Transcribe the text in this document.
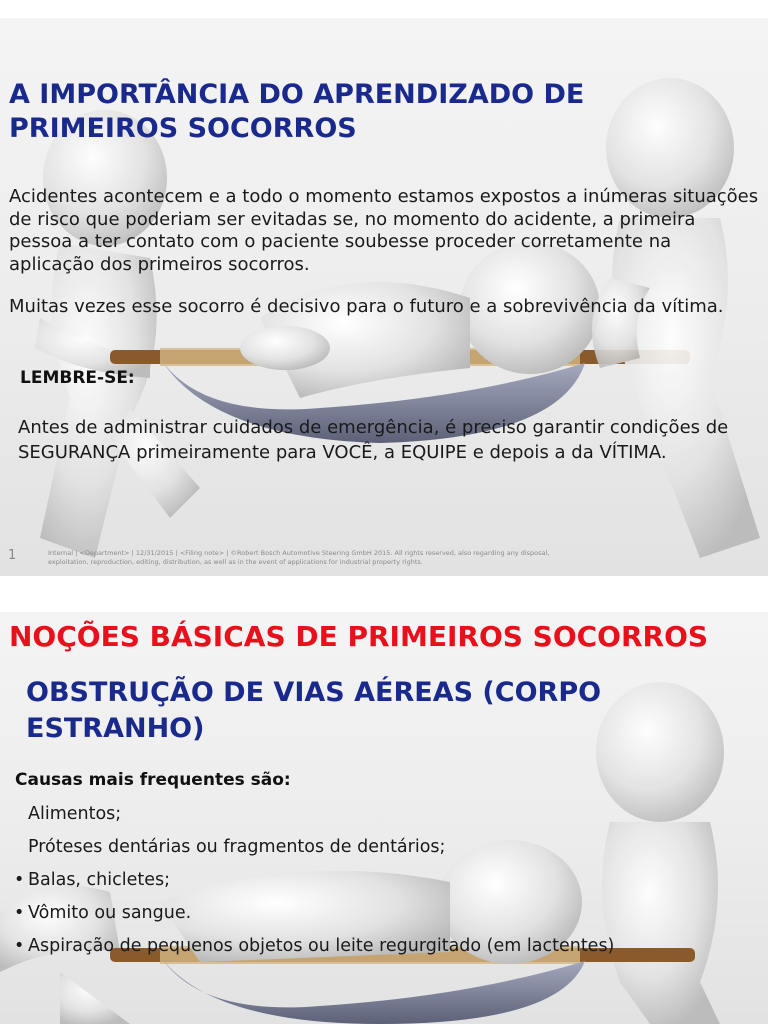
A IMPORTÂNCIA DO APRENDIZADO DE PRIMEIROS SOCORROS

Acidentes acontecem e a todo o momento estamos expostos a inúmeras situações de risco que poderiam ser evitadas se, no momento do acidente, a primeira pessoa a ter contato com o paciente soubesse proceder corretamente na aplicação dos primeiros socorros.

Muitas vezes esse socorro é decisivo para o futuro e a sobrevivência da vítima.

LEMBRE-SE:

Antes de administrar cuidados de emergência, é preciso garantir condições de SEGURANÇA primeiramente para VOCÊ, a EQUIPE e depois a da VÍTIMA.

1	Internal | <Department> | 12/31/2015 | <Filing note> | ©Robert Bosch Automotive Steering GmbH 2015. All rights reserved, also regarding any disposal, exploitation, reproduction, editing, distribution, as well as in the event of applications for industrial property rights.
NOÇÕES BÁSICAS DE PRIMEIROS SOCORROS
OBSTRUÇÃO DE VIAS AÉREAS (CORPO ESTRANHO)

Causas mais frequentes são:

Alimentos;
Próteses dentárias ou fragmentos de dentários;
• Balas, chicletes;
• Vômito ou sangue.
• Aspiração de pequenos objetos ou leite regurgitado (em lactentes)
